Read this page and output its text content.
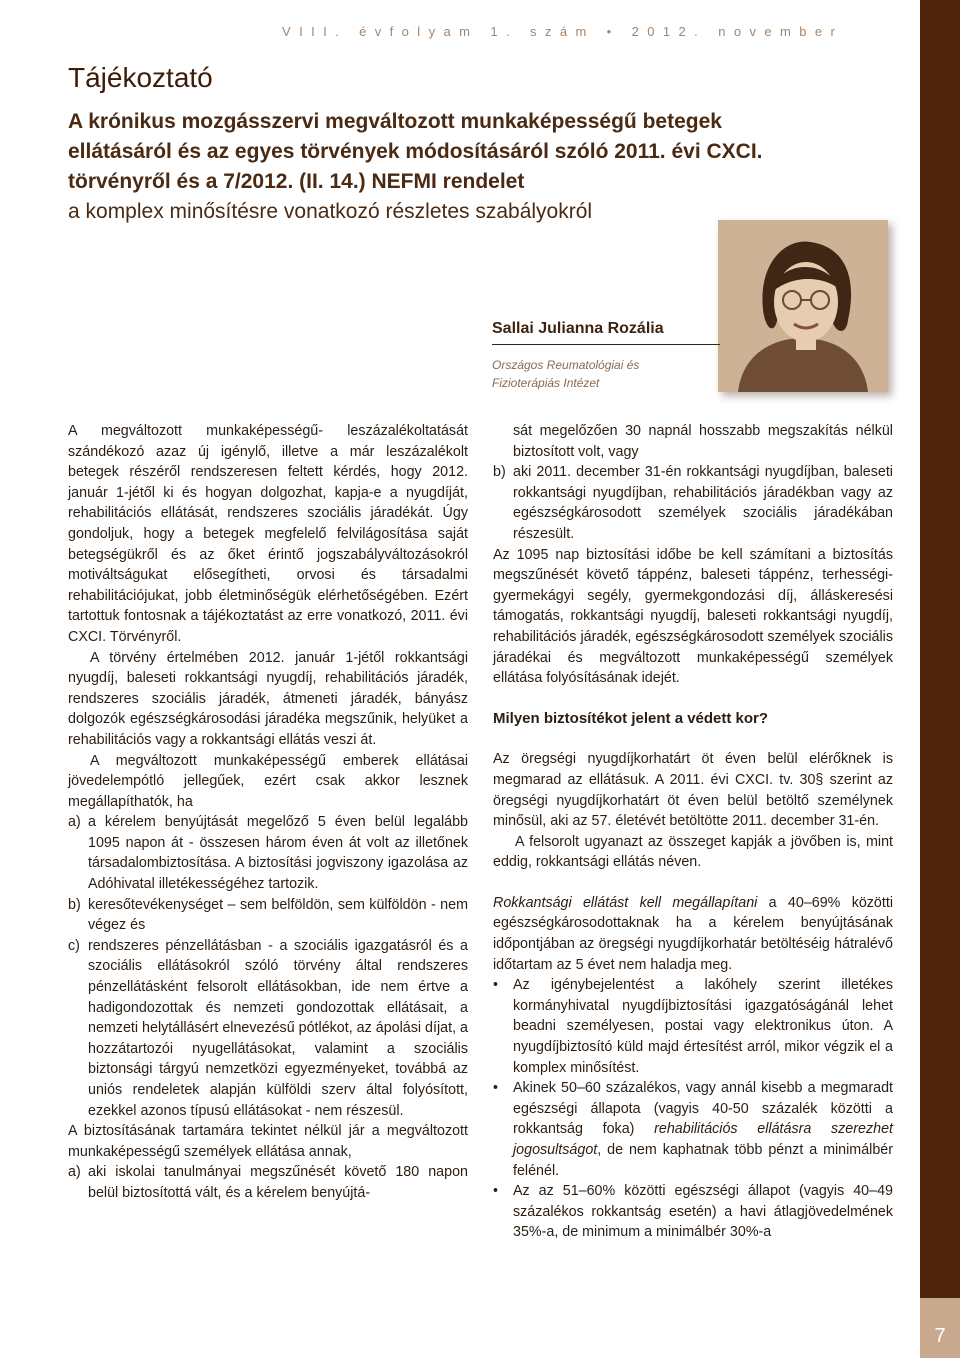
7
VIII. évfolyam 1. szám • 2012. november
Tájékoztató
A krónikus mozgásszervi megváltozott munkaképességű betegek ellátásáról és az egyes törvények módosításáról szóló 2011. évi CXCI. törvényről és a 7/2012. (II. 14.) NEFMI rendelet
a komplex minősítésre vonatkozó részletes szabályokról
Sallai Julianna Rozália
Országos Reumatológiai és Fizioterápiás Intézet

A megváltozott munkaképességű- leszázalékoltatását szándékozó azaz új igénylő, illetve a már leszázalékolt betegek részéről rendszeresen feltett kérdés, hogy 2012. január 1-jétől ki és hogyan dolgozhat, kapja-e a nyugdíját, rehabilitációs ellátását, rendszeres szociális járadékát. Úgy gondoljuk, hogy a betegek megfelelő felvilágosítása saját betegségükről és az őket érintő jogszabályváltozásokról motiváltságukat elősegítheti, orvosi és társadalmi rehabilitációjukat, jobb életminőségük elérhetőségében. Ezért tartottuk fontosnak a tájékoztatást az erre vonatkozó, 2011. évi CXCI. Törvényről.

A törvény értelmében 2012. január 1-jétől rokkantsági nyugdíj, baleseti rokkantsági nyugdíj, rehabilitációs járadék, rendszeres szociális járadék, átmeneti járadék, bányász dolgozók egészségkárosodási járadéka megszűnik, helyüket a rehabilitációs vagy a rokkantsági ellátás veszi át.

A megváltozott munkaképességű emberek ellátásai jövedelempótló jellegűek, ezért csak akkor lesznek megállapíthatók, ha

a) a kérelem benyújtását megelőző 5 éven belül legalább 1095 napon át - összesen három éven át volt az illetőnek társadalombiztosítása. A biztosítási jogviszony igazolása az Adóhivatal illetékességéhez tartozik.
b) keresőtevékenységet – sem belföldön, sem külföldön - nem végez és
c) rendszeres pénzellátásban - a szociális igazgatásról és a szociális ellátásokról szóló törvény által rendszeres pénzellátásként felsorolt ellátásokban, ide nem értve a hadigondozottak és nemzeti gondozottak ellátásait, a nemzeti helytállásért elnevezésű pótlékot, az ápolási díjat, a hozzátartozói nyugellátásokat, valamint a szociális biztonsági tárgyú nemzetközi egyezményeket, továbbá az uniós rendeletek alapján külföldi szerv által folyósított, ezekkel azonos típusú ellátásokat - nem részesül.

A biztosításának tartamára tekintet nélkül jár a megváltozott munkaképességű személyek ellátása annak,

a) aki iskolai tanulmányai megszűnését követő 180 napon belül biztosítottá vált, és a kérelem benyújtá-
sát megelőzően 30 napnál hosszabb megszakítás nélkül biztosított volt, vagy
b) aki 2011. december 31-én rokkantsági nyugdíjban, baleseti rokkantsági nyugdíjban, rehabilitációs járadékban vagy az egészségkárosodott személyek szociális járadékában részesült.

Az 1095 nap biztosítási időbe be kell számítani a biztosítás megszűnését követő táppénz, baleseti táppénz, terhességi- gyermekágyi segély, gyermekgondozási díj, álláskeresési támogatás, rokkantsági nyugdíj, baleseti rokkantsági nyugdíj, rehabilitációs járadék, egészségkárosodott személyek szociális járadékai és megváltozott munkaképességű személyek ellátása folyósításának idejét.

Milyen biztosítékot jelent a védett kor?

Az öregségi nyugdíjkorhatárt öt éven belül elérőknek is megmarad az ellátásuk. A 2011. évi CXCI. tv. 30§ szerint az öregségi nyugdíjkorhatárt öt éven belül betöltő személynek minősül, aki az 57. életévét betöltötte 2011. december 31-én.

A felsorolt ugyanazt az összeget kapják a jövőben is, mint eddig, rokkantsági ellátás néven.

Rokkantsági ellátást kell megállapítani a 40–69% közötti egészségkárosodottaknak ha a kérelem benyújtásának időpontjában az öregségi nyugdíjkorhatár betöltéséig hátralévő időtartam az 5 évet nem haladja meg.

•	Az igénybejelentést a lakóhely szerint illetékes kormányhivatal nyugdíjbiztosítási igazgatóságánál lehet beadni személyesen, postai vagy elektronikus úton. A nyugdíjbiztosító küld majd értesítést arról, mikor végzik el a komplex minősítést.
•	Akinek 50–60 százalékos, vagy annál kisebb a megmaradt egészségi állapota (vagyis 40-50 százalék közötti a rokkantság foka) rehabilitációs ellátásra szerezhet jogosultságot, de nem kaphatnak több pénzt a minimálbér felénél.
•	Az az 51–60% közötti egészségi állapot (vagyis 40–49 százalékos rokkantság esetén) a havi átlagjövedelmének 35%-a, de minimum a minimálbér 30%-a
